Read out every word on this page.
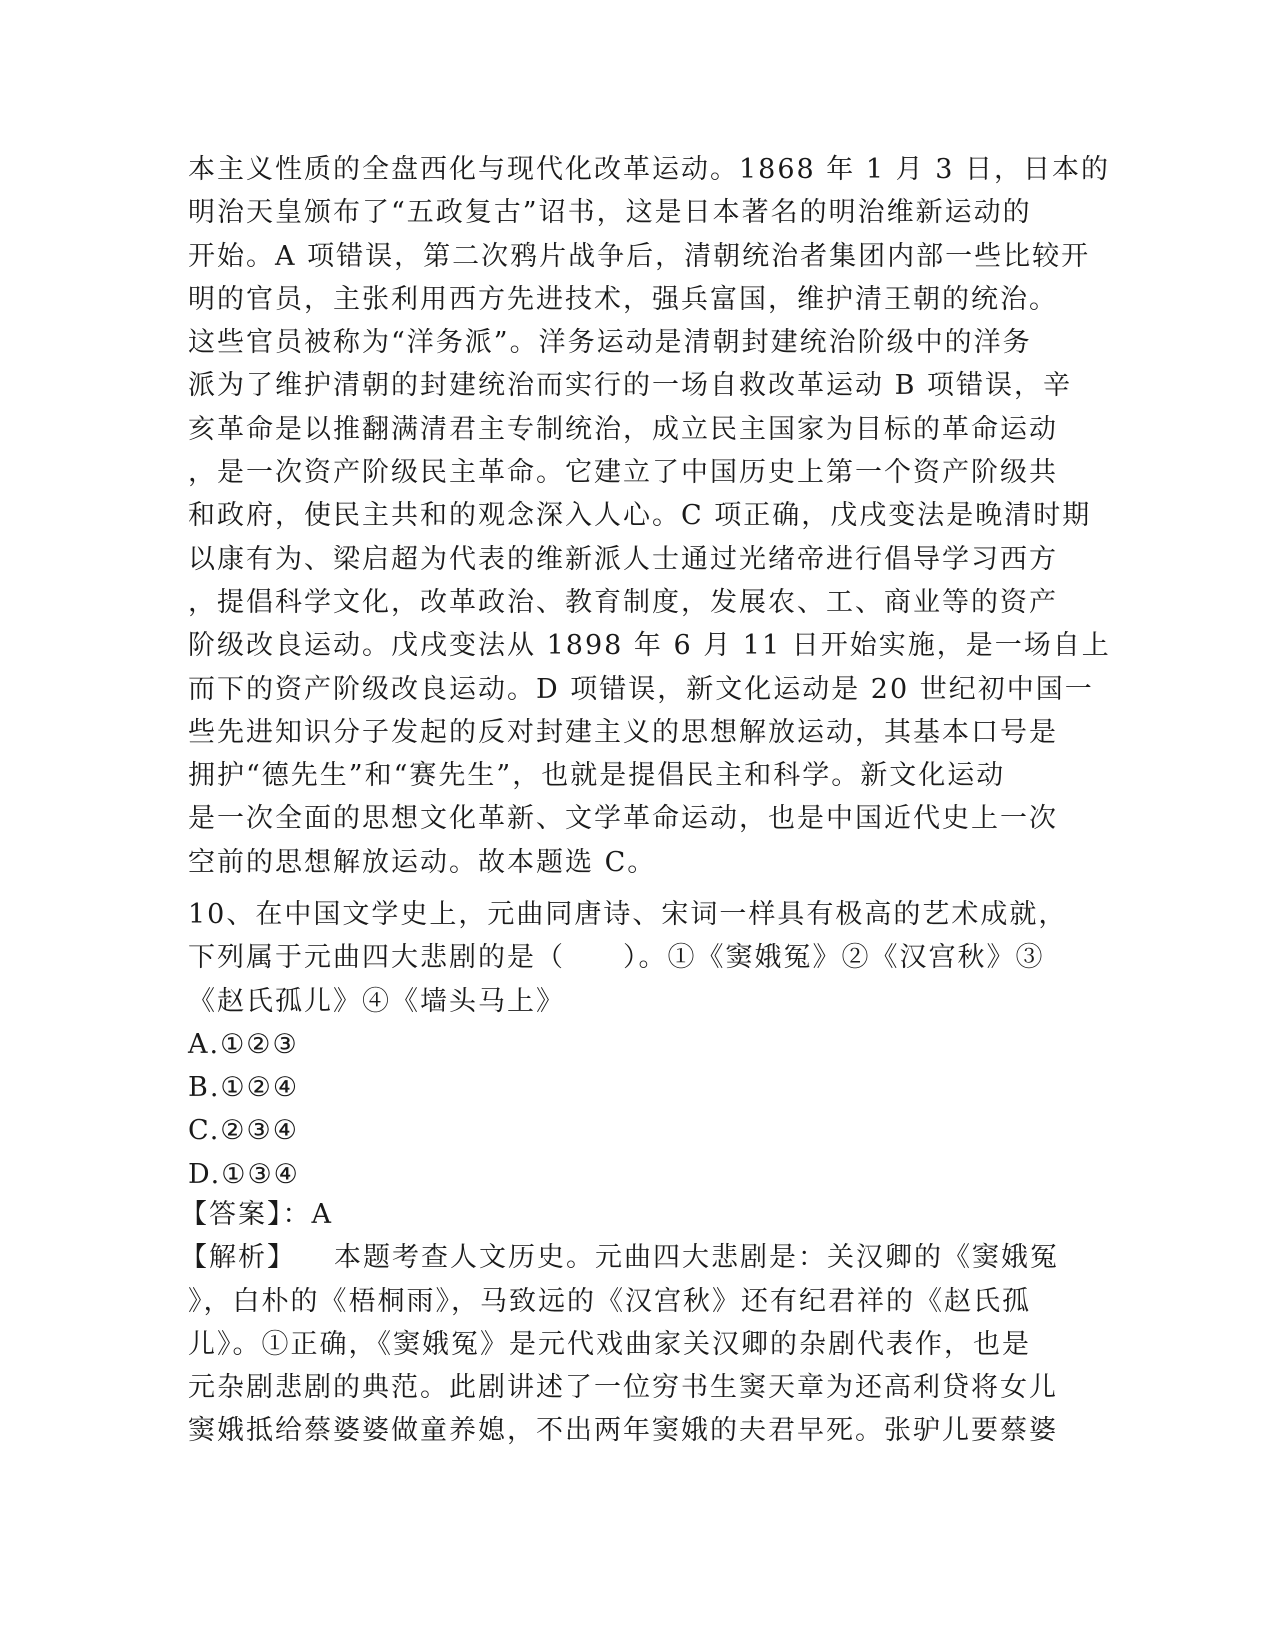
本主义性质的全盘西化与现代化改革运动。1868 年 1 月 3 日，日本的
明治天皇颁布了“五政复古”诏书，这是日本著名的明治维新运动的
开始。A 项错误，第二次鸦片战争后，清朝统治者集团内部一些比较开
明的官员，主张利用西方先进技术，强兵富国，维护清王朝的统治。
这些官员被称为“洋务派”。洋务运动是清朝封建统治阶级中的洋务
派为了维护清朝的封建统治而实行的一场自救改革运动 B 项错误，辛
亥革命是以推翻满清君主专制统治，成立民主国家为目标的革命运动
，是一次资产阶级民主革命。它建立了中国历史上第一个资产阶级共
和政府，使民主共和的观念深入人心。C 项正确，戊戌变法是晚清时期
以康有为、梁启超为代表的维新派人士通过光绪帝进行倡导学习西方
，提倡科学文化，改革政治、教育制度，发展农、工、商业等的资产
阶级改良运动。戊戌变法从 1898 年 6 月 11 日开始实施，是一场自上
而下的资产阶级改良运动。D 项错误，新文化运动是 20 世纪初中国一
些先进知识分子发起的反对封建主义的思想解放运动，其基本口号是
拥护“德先生”和“赛先生”，也就是提倡民主和科学。新文化运动
是一次全面的思想文化革新、文学革命运动，也是中国近代史上一次
空前的思想解放运动。故本题选 C。
10、在中国文学史上，元曲同唐诗、宋词一样具有极高的艺术成就，
下列属于元曲四大悲剧的是（　　）。①《窦娥冤》②《汉宫秋》③
《赵氏孤儿》④《墙头马上》
A.①②③
B.①②④
C.②③④
D.①③④
【答案】：A
【解析】 本题考查人文历史。元曲四大悲剧是：关汉卿的《窦娥冤
》，白朴的《梧桐雨》，马致远的《汉宫秋》还有纪君祥的《赵氏孤
儿》。①正确，《窦娥冤》是元代戏曲家关汉卿的杂剧代表作，也是
元杂剧悲剧的典范。此剧讲述了一位穷书生窦天章为还高利贷将女儿
窦娥抵给蔡婆婆做童养媳，不出两年窦娥的夫君早死。张驴儿要蔡婆
